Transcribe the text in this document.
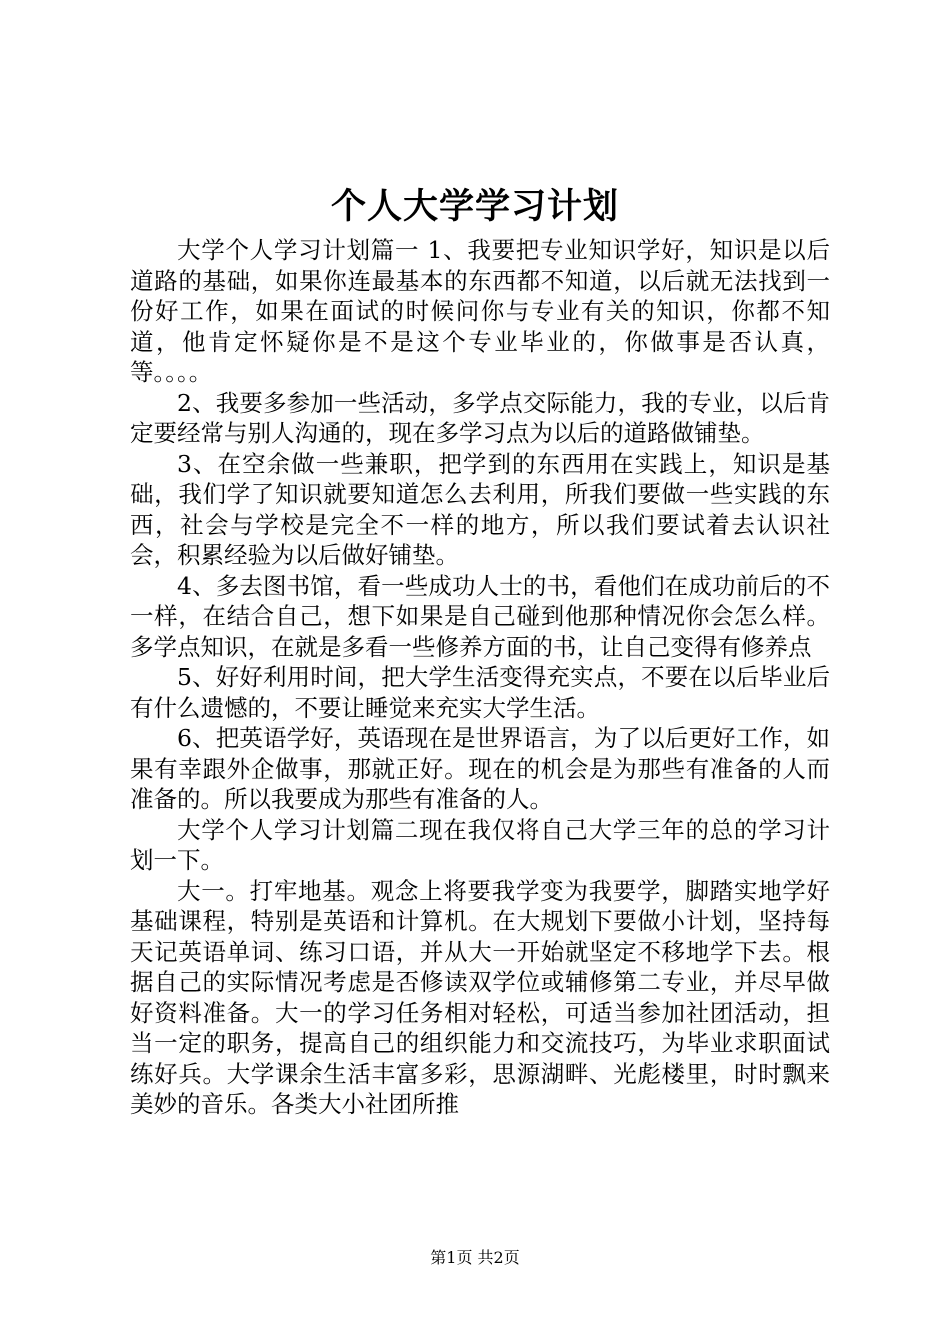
个人大学学习计划

大学个人学习计划篇一 1、我要把专业知识学好，知识是以后道路的基础，如果你连最基本的东西都不知道，以后就无法找到一份好工作，如果在面试的时候问你与专业有关的知识，你都不知道，他肯定怀疑你是不是这个专业毕业的，你做事是否认真，等。。。。

2、我要多参加一些活动，多学点交际能力，我的专业，以后肯定要经常与别人沟通的，现在多学习点为以后的道路做铺垫。

3、在空余做一些兼职，把学到的东西用在实践上，知识是基础，我们学了知识就要知道怎么去利用，所我们要做一些实践的东西，社会与学校是完全不一样的地方，所以我们要试着去认识社会，积累经验为以后做好铺垫。

4、多去图书馆，看一些成功人士的书，看他们在成功前后的不一样，在结合自己，想下如果是自己碰到他那种情况你会怎么样。多学点知识，在就是多看一些修养方面的书，让自己变得有修养点

5、好好利用时间，把大学生活变得充实点，不要在以后毕业后有什么遗憾的，不要让睡觉来充实大学生活。

6、把英语学好，英语现在是世界语言，为了以后更好工作，如果有幸跟外企做事，那就正好。现在的机会是为那些有准备的人而准备的。所以我要成为那些有准备的人。

大学个人学习计划篇二现在我仅将自己大学三年的总的学习计划一下。

大一。打牢地基。观念上将要我学变为我要学，脚踏实地学好基础课程，特别是英语和计算机。在大规划下要做小计划，坚持每天记英语单词、练习口语，并从大一开始就坚定不移地学下去。根据自己的实际情况考虑是否修读双学位或辅修第二专业，并尽早做好资料准备。大一的学习任务相对轻松，可适当参加社团活动，担当一定的职务，提高自己的组织能力和交流技巧，为毕业求职面试练好兵。大学课余生活丰富多彩，思源湖畔、光彪楼里，时时飘来美妙的音乐。各类大小社团所推

第1页 共2页
